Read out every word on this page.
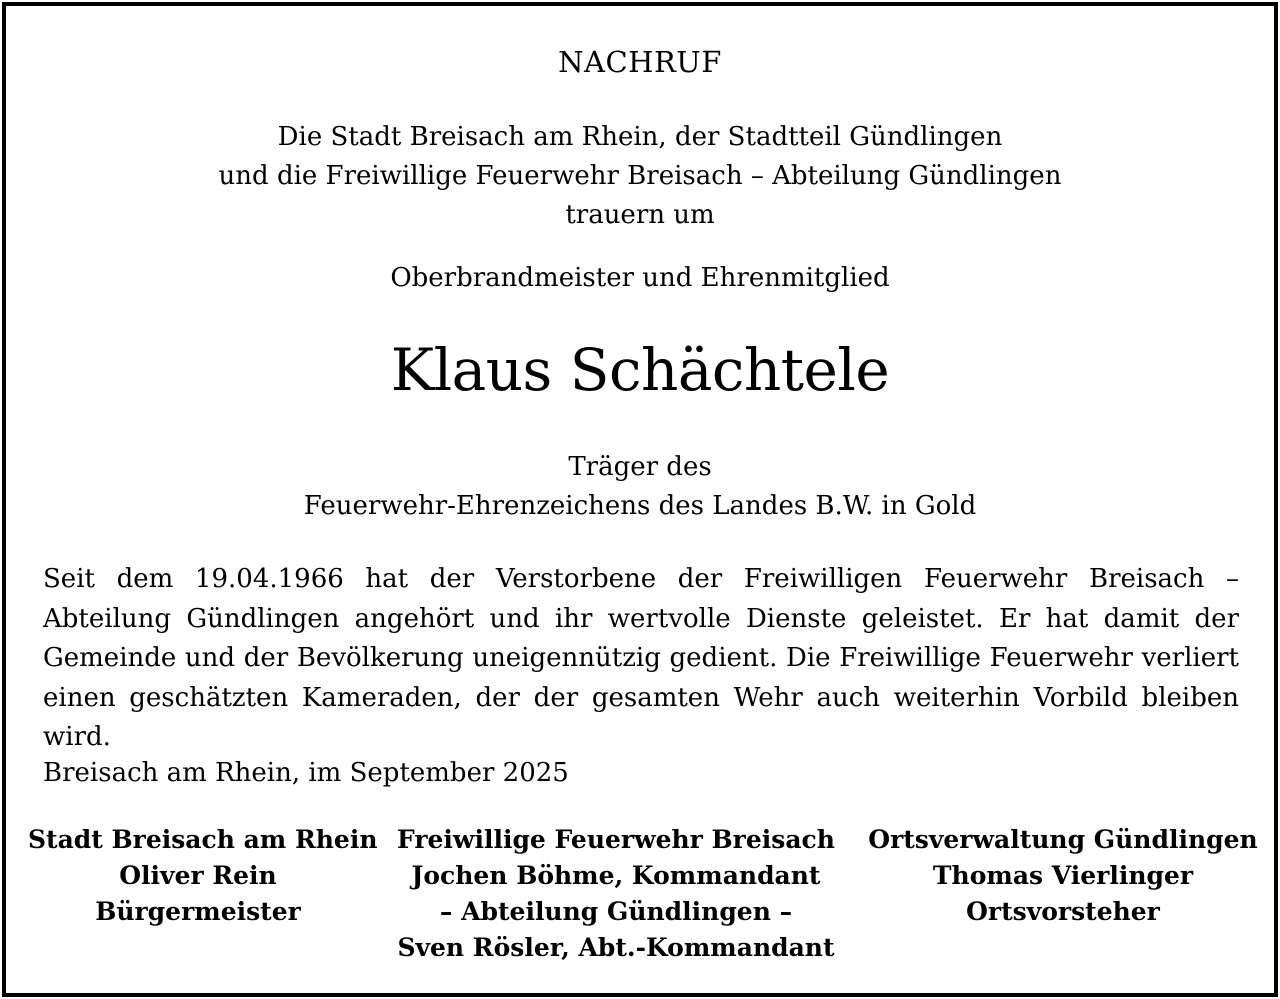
NACHRUF
Die Stadt Breisach am Rhein, der Stadtteil Gündlingen
und die Freiwillige Feuerwehr Breisach – Abteilung Gündlingen
trauern um
Oberbrandmeister und Ehrenmitglied
Klaus Schächtele
Träger des
Feuerwehr-Ehrenzeichens des Landes B.W. in Gold
Seit dem 19.04.1966 hat der Verstorbene der Freiwilligen Feuerwehr Breisach – Abteilung Gündlingen angehört und ihr wertvolle Dienste geleistet. Er hat damit der Gemeinde und der Bevölkerung uneigennützig gedient. Die Freiwillige Feuerwehr verliert einen geschätzten Kameraden, der der gesamten Wehr auch weiterhin Vorbild bleiben wird.
Breisach am Rhein, im September 2025
Stadt Breisach am Rhein
Oliver Rein
Bürgermeister
Freiwillige Feuerwehr Breisach
Jochen Böhme, Kommandant
– Abteilung Gündlingen –
Sven Rösler, Abt.-Kommandant
Ortsverwaltung Gündlingen
Thomas Vierlinger
Ortsvorsteher
